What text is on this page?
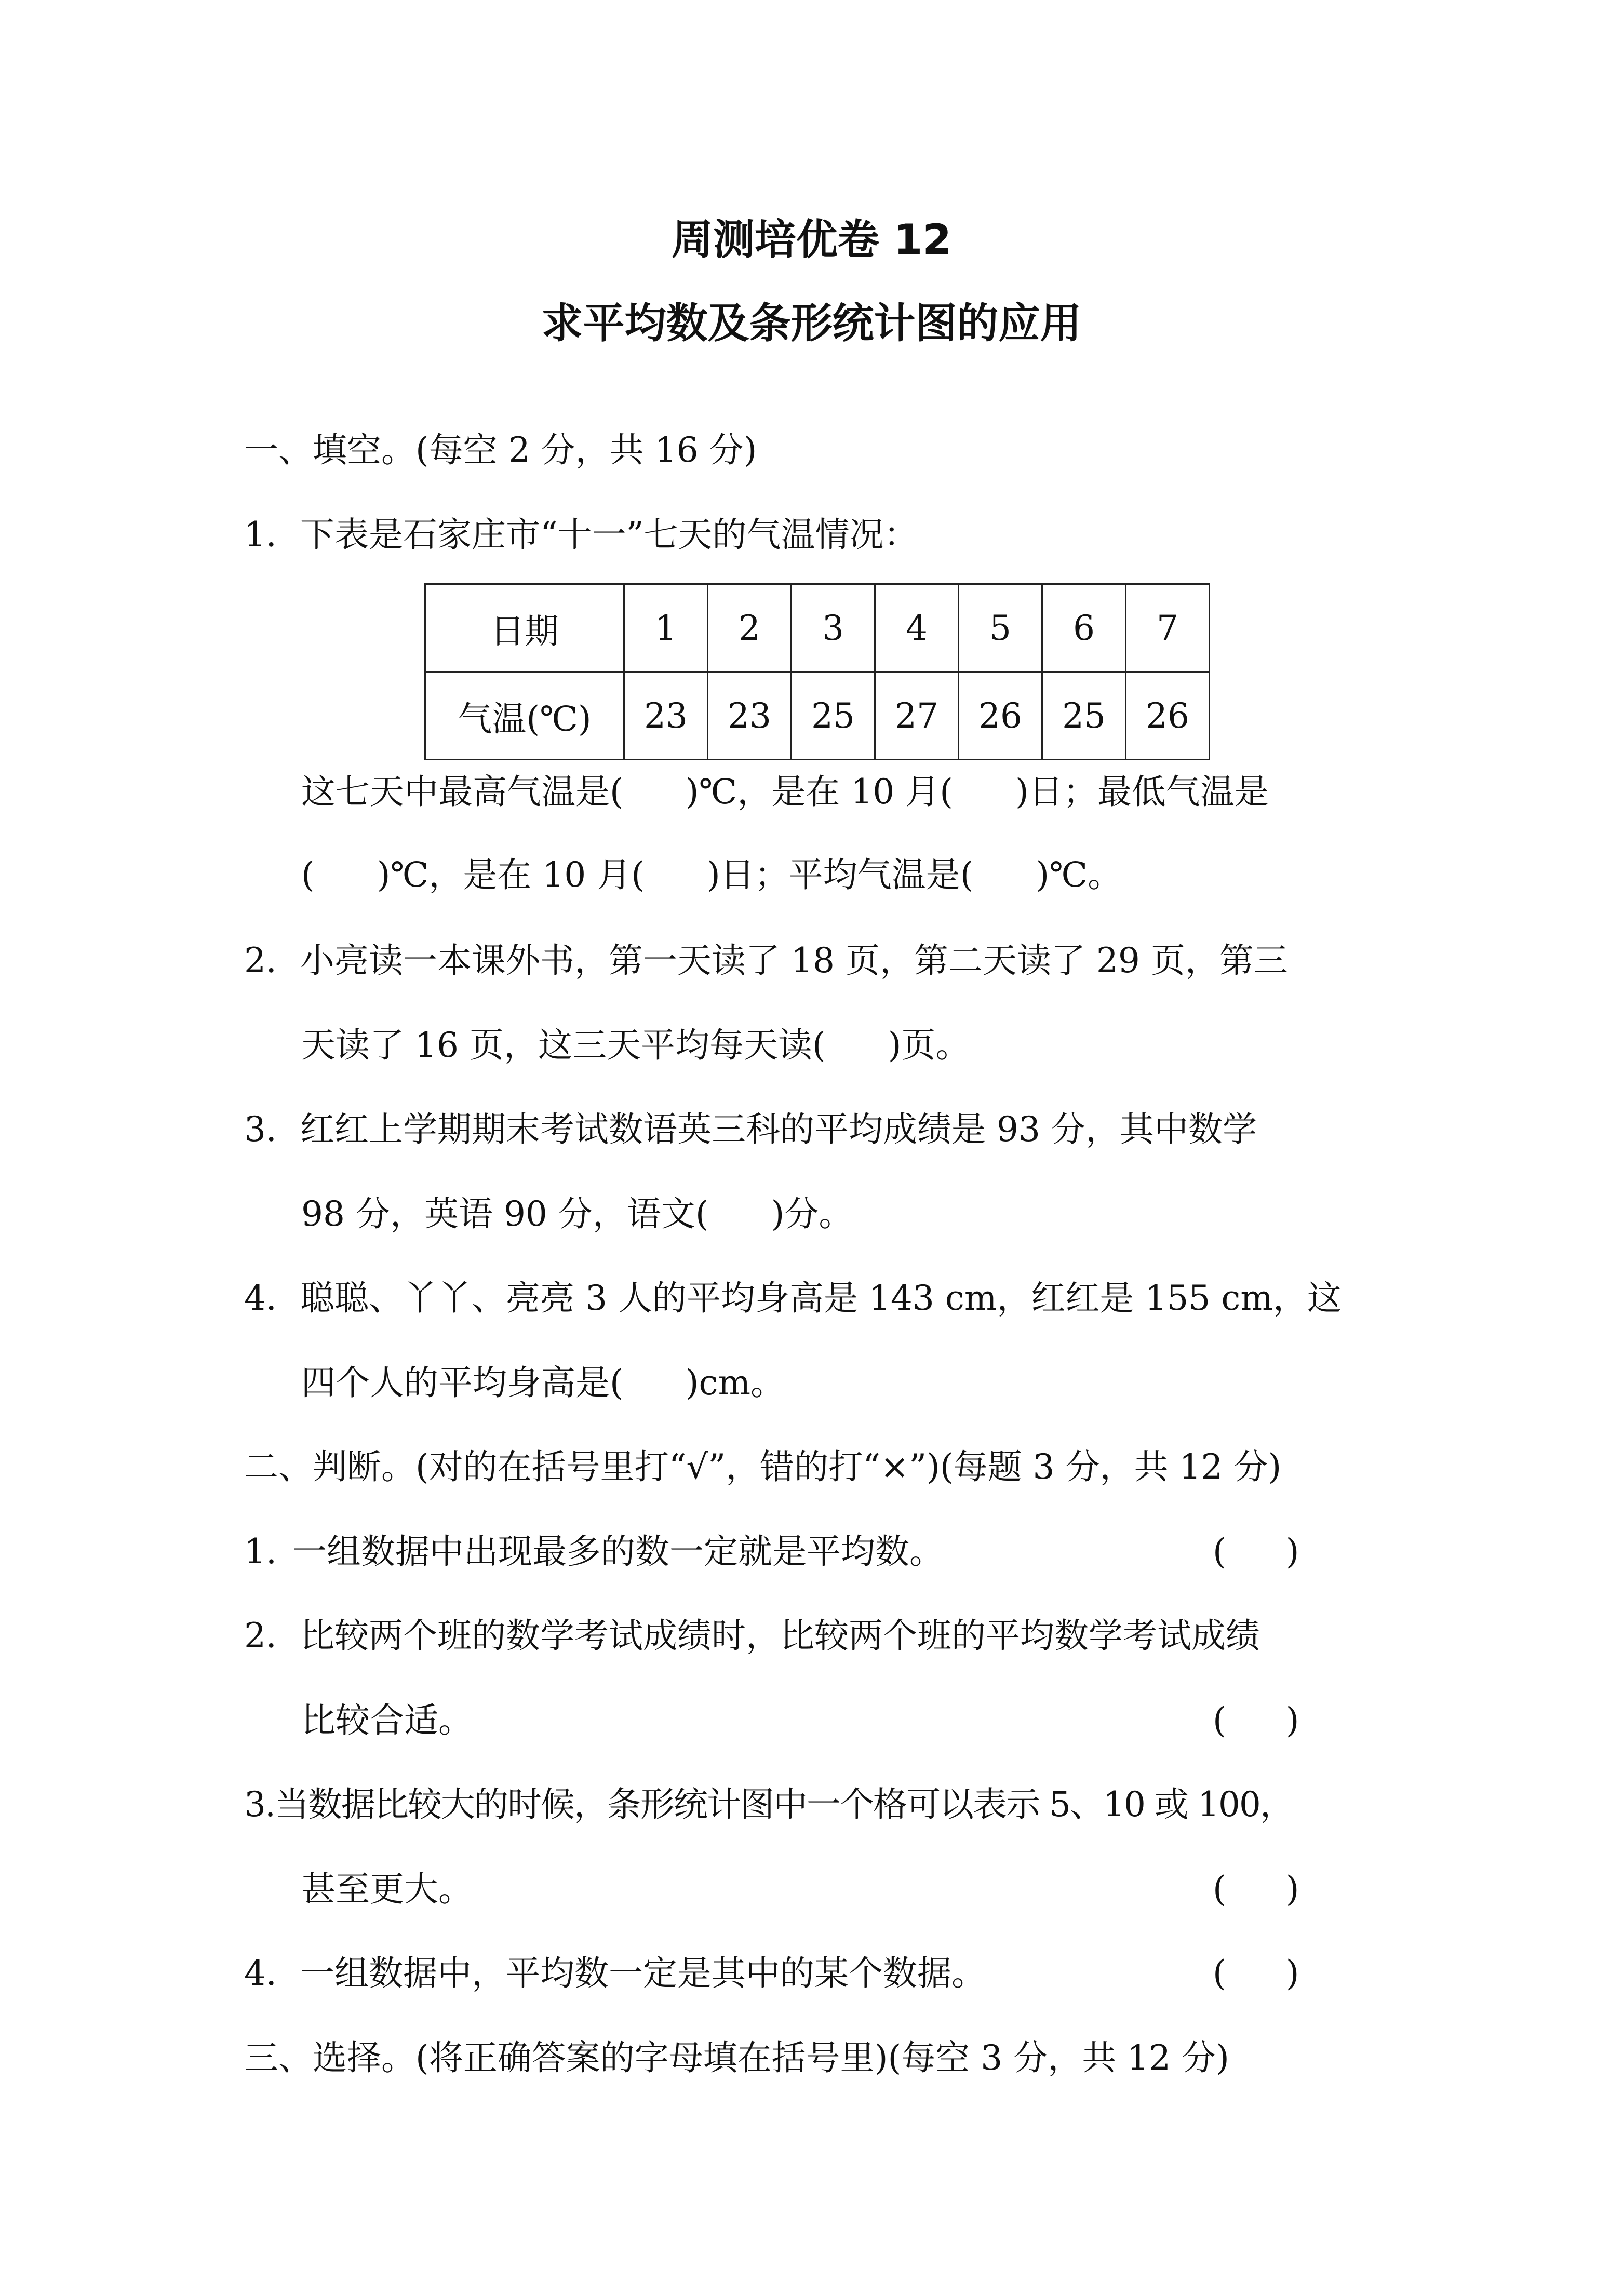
周测培优卷 12
求平均数及条形统计图的应用
一、填空。(每空 2 分，共 16 分)
1．下表是石家庄市“十一”七天的气温情况：
日期	1	2	3	4	5	6	7
气温(℃)	23	23	25	27	26	25	26
这七天中最高气温是( )℃，是在 10 月( )日；最低气温是
( )℃，是在 10 月( )日；平均气温是( )℃。
2．小亮读一本课外书，第一天读了 18 页，第二天读了 29 页，第三
天读了 16 页，这三天平均每天读( )页。
3．红红上学期期末考试数语英三科的平均成绩是 93 分，其中数学
98 分，英语 90 分，语文( )分。
4．聪聪、丫丫、亮亮 3 人的平均身高是 143 cm，红红是 155 cm，这
四个人的平均身高是( )cm。
二、判断。(对的在括号里打“√”，错的打“×”)(每题 3 分，共 12 分)
1. 一组数据中出现最多的数一定就是平均数。	( )
2．比较两个班的数学考试成绩时，比较两个班的平均数学考试成绩
比较合适。	( )
3.当数据比较大的时候，条形统计图中一个格可以表示 5、10 或 100，
甚至更大。	( )
4．一组数据中，平均数一定是其中的某个数据。	( )
三、选择。(将正确答案的字母填在括号里)(每空 3 分，共 12 分)
